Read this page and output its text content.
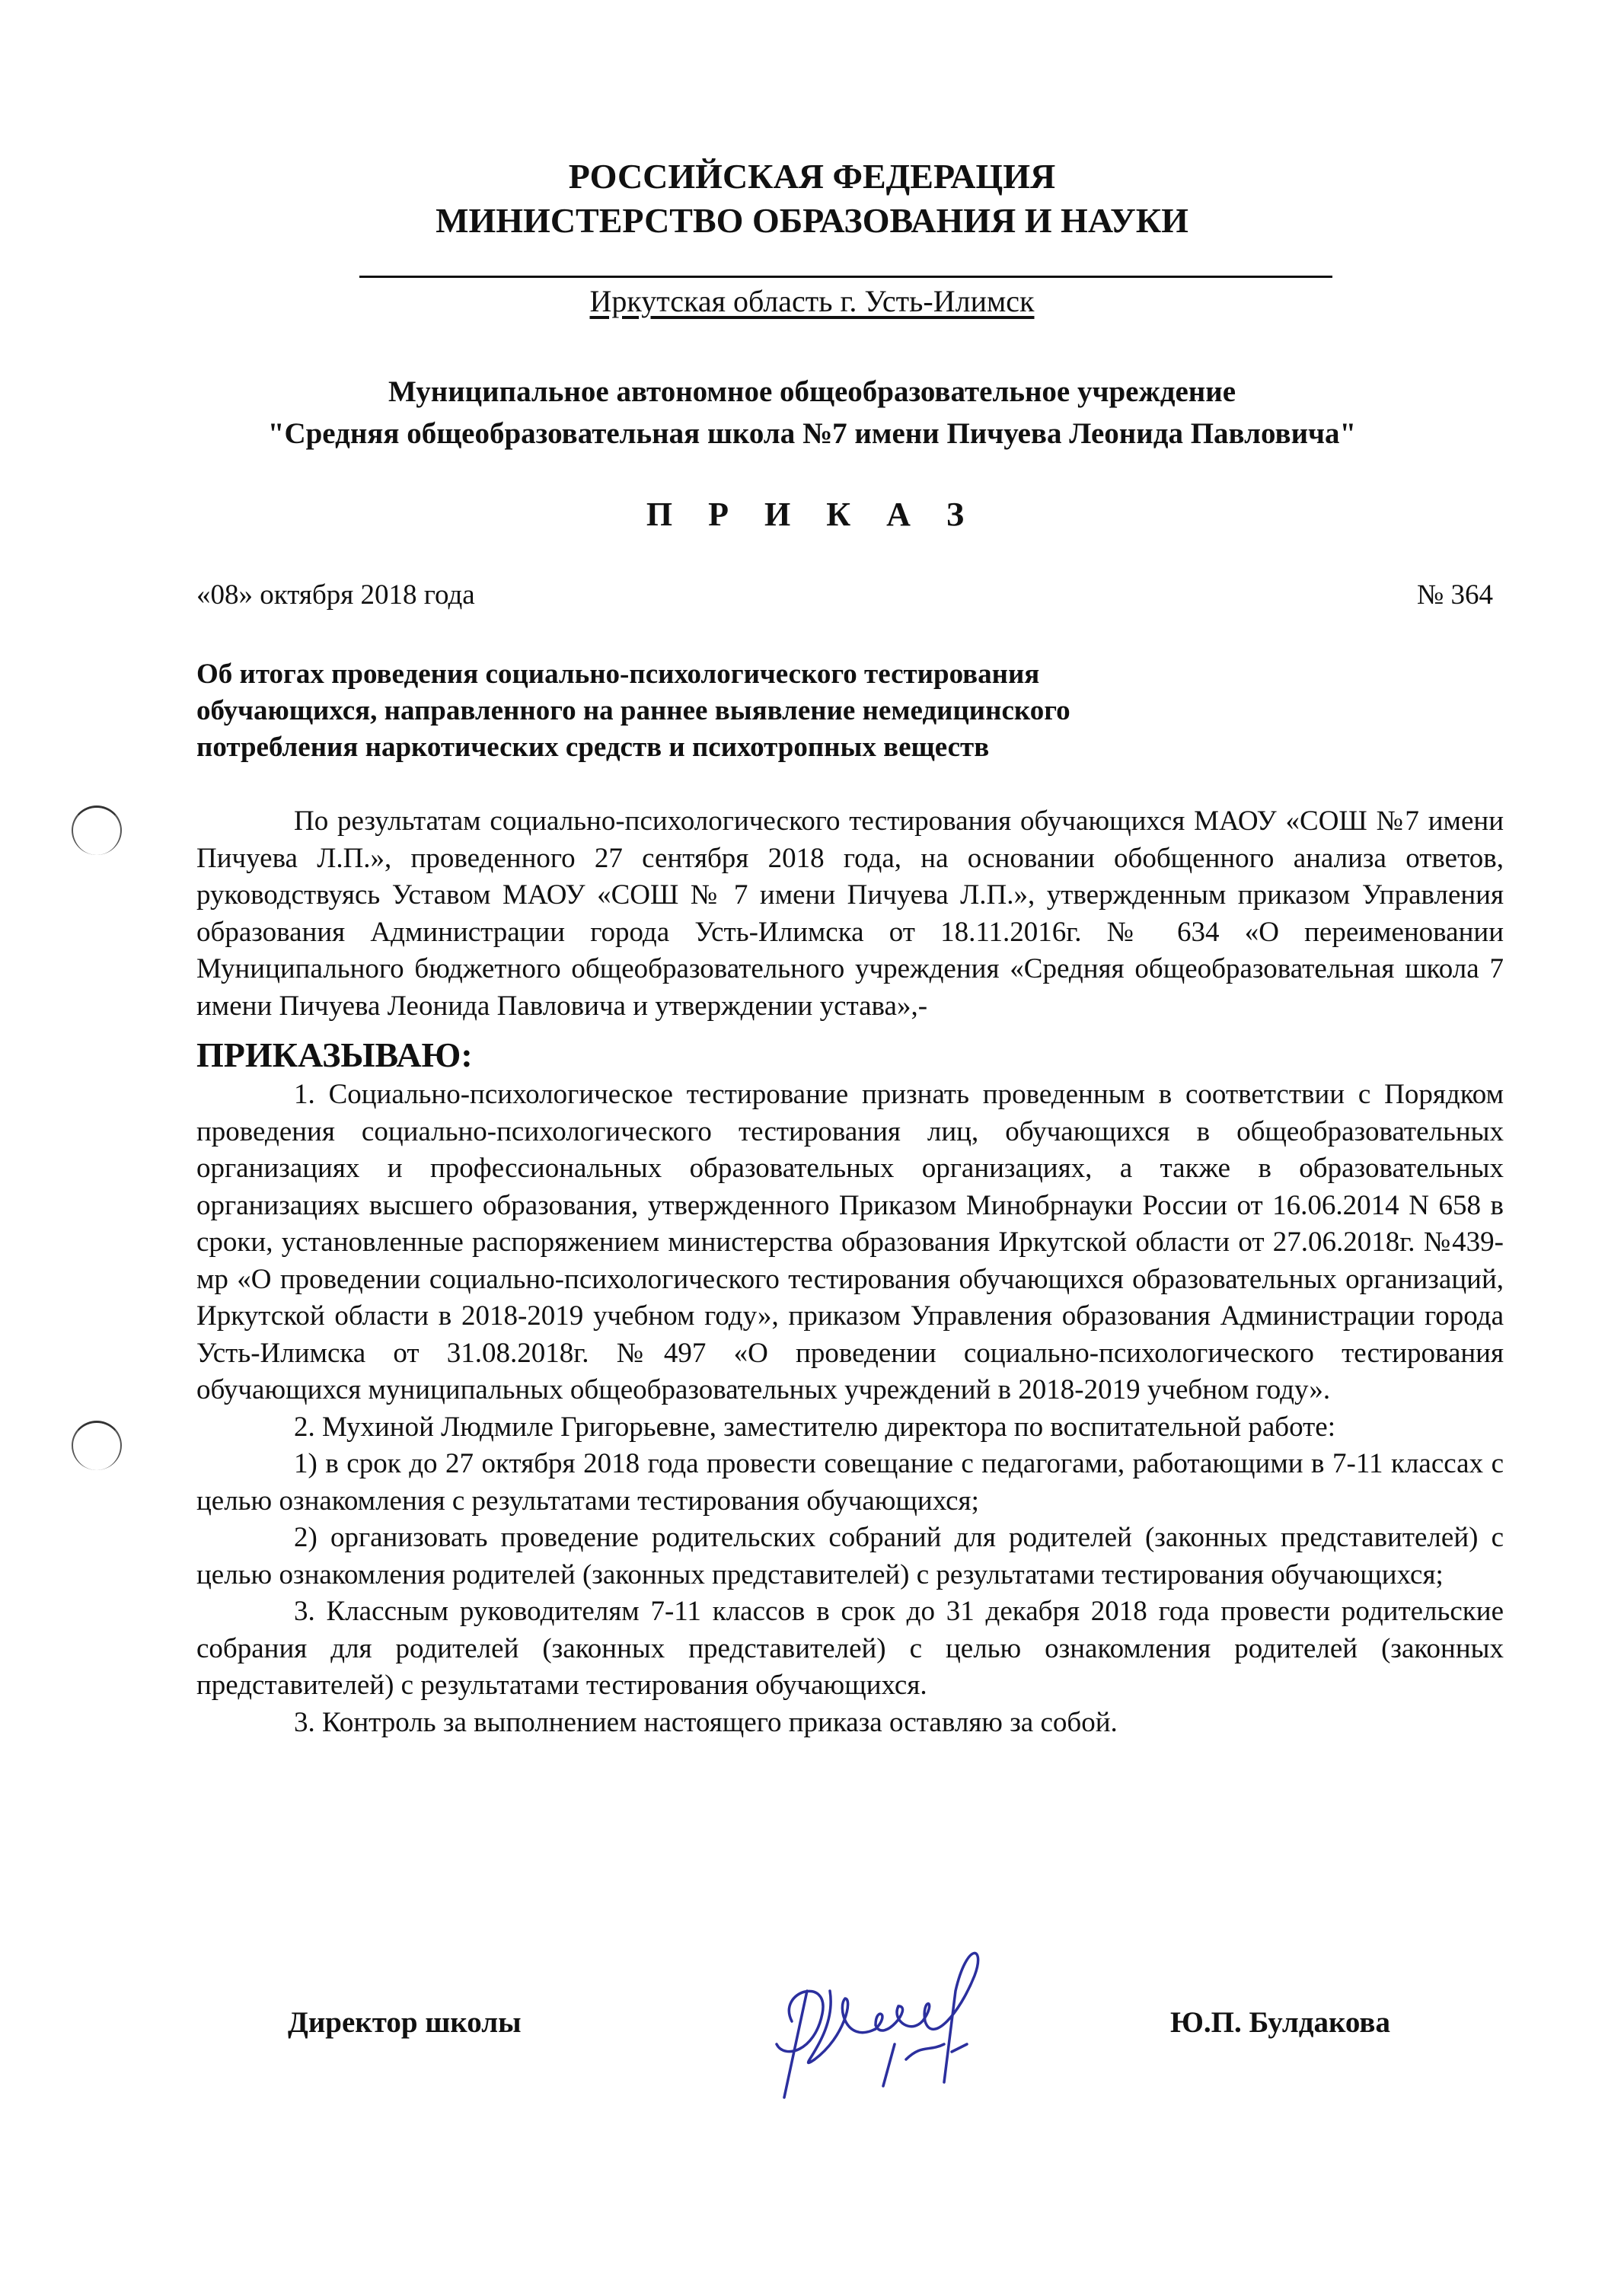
РОССИЙСКАЯ ФЕДЕРАЦИЯ
МИНИСТЕРСТВО ОБРАЗОВАНИЯ И НАУКИ
Иркутская область г. Усть-Илимск
Муниципальное автономное общеобразовательное учреждение
"Средняя общеобразовательная школа №7 имени Пичуева Леонида Павловича"
П Р И К А З
«08» октября 2018 года	№ 364
Об итогах проведения социально-психологического тестирования
обучающихся, направленного на раннее выявление немедицинского
потребления наркотических средств и психотропных веществ

По результатам социально-психологического тестирования обучающихся МАОУ «СОШ №7 имени Пичуева Л.П.», проведенного 27 сентября 2018 года, на основании обобщенного анализа ответов, руководствуясь Уставом МАОУ «СОШ № 7 имени Пичуева Л.П.», утвержденным приказом Управления образования Администрации города Усть-Илимска от 18.11.2016г. № 634 «О переименовании Муниципального бюджетного общеобразовательного учреждения «Средняя общеобразовательная школа 7 имени Пичуева Леонида Павловича и утверждении устава»,-

ПРИКАЗЫВАЮ:

1. Социально-психологическое тестирование признать проведенным в соответствии с Порядком проведения социально-психологического тестирования лиц, обучающихся в общеобразовательных организациях и профессиональных образовательных организациях, а также в образовательных организациях высшего образования, утвержденного Приказом Минобрнауки России от 16.06.2014 N 658 в сроки, установленные распоряжением министерства образования Иркутской области от 27.06.2018г. №439-мр «О проведении социально-психологического тестирования обучающихся образовательных организаций, Иркутской области в 2018-2019 учебном году», приказом Управления образования Администрации города Усть-Илимска от 31.08.2018г. №497 «О проведении социально-психологического тестирования обучающихся муниципальных общеобразовательных учреждений в 2018-2019 учебном году».

2. Мухиной Людмиле Григорьевне, заместителю директора по воспитательной работе:

1) в срок до 27 октября 2018 года провести совещание с педагогами, работающими в 7-11 классах с целью ознакомления с результатами тестирования обучающихся;

2) организовать проведение родительских собраний для родителей (законных представителей) с целью ознакомления родителей (законных представителей) с результатами тестирования обучающихся;

3. Классным руководителям 7-11 классов в срок до 31 декабря 2018 года провести родительские собрания для родителей (законных представителей) с целью ознакомления родителей (законных представителей) с результатами тестирования обучающихся.

3. Контроль за выполнением настоящего приказа оставляю за собой.

Директор школы	Ю.П. Булдакова
